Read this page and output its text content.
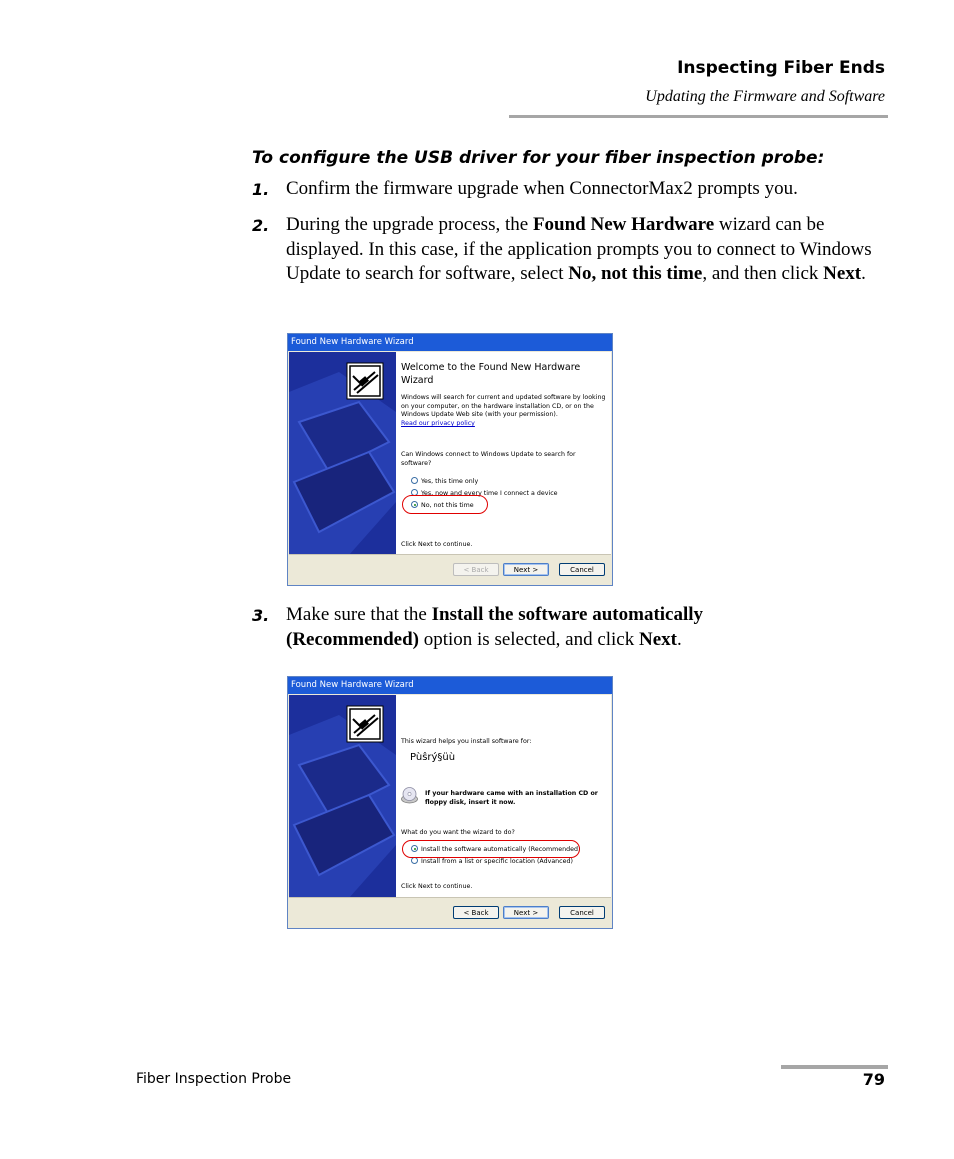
Inspecting Fiber Ends
Updating the Firmware and Software
To configure the USB driver for your fiber inspection probe:
1. Confirm the firmware upgrade when ConnectorMax2 prompts you.
2. During the upgrade process, the Found New Hardware wizard can be displayed. In this case, if the application prompts you to connect to Windows Update to search for software, select No, not this time, and then click Next.
Found New Hardware Wizard
Welcome to the Found New Hardware Wizard
Windows will search for current and updated software by looking on your computer, on the hardware installation CD, or on the Windows Update Web site (with your permission).
Read our privacy policy
Can Windows connect to Windows Update to search for software?
Yes, this time only
Yes, now and every time I connect a device
No, not this time
Click Next to continue.
< Back	Next >	Cancel
3. Make sure that the Install the software automatically (Recommended) option is selected, and click Next.
Found New Hardware Wizard
This wizard helps you install software for:
Pùŝrý§üù
If your hardware came with an installation CD or floppy disk, insert it now.
What do you want the wizard to do?
Install the software automatically (Recommended)
Install from a list or specific location (Advanced)
Click Next to continue.
< Back	Next >	Cancel
Fiber Inspection Probe	79
